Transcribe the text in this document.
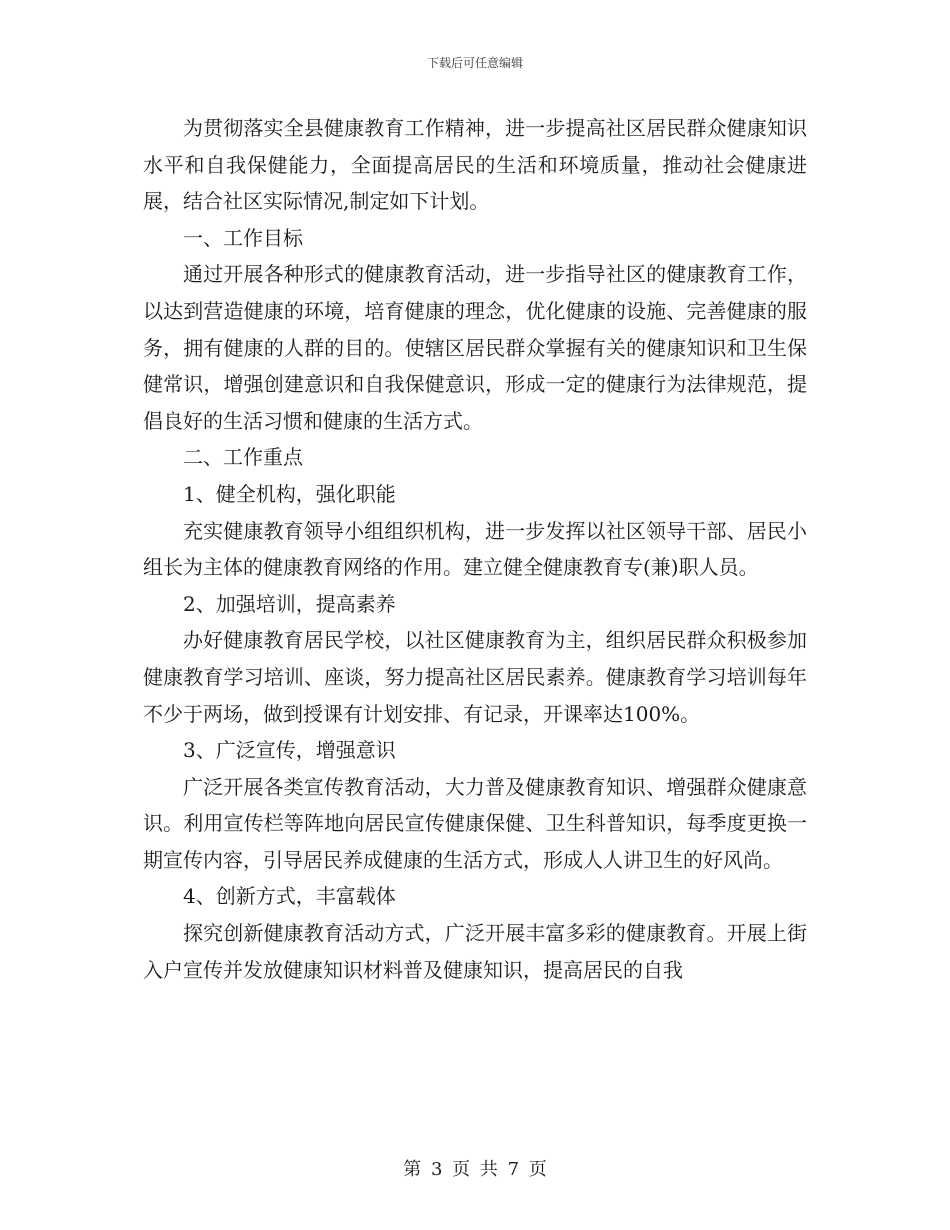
下载后可任意编辑

为贯彻落实全县健康教育工作精神，进一步提高社区居民群众健康知识水平和自我保健能力，全面提高居民的生活和环境质量，推动社会健康进展，结合社区实际情况,制定如下计划。

一、工作目标

通过开展各种形式的健康教育活动，进一步指导社区的健康教育工作，以达到营造健康的环境，培育健康的理念，优化健康的设施、完善健康的服务，拥有健康的人群的目的。使辖区居民群众掌握有关的健康知识和卫生保健常识，增强创建意识和自我保健意识，形成一定的健康行为法律规范，提倡良好的生活习惯和健康的生活方式。

二、工作重点

1、健全机构，强化职能

充实健康教育领导小组组织机构，进一步发挥以社区领导干部、居民小组长为主体的健康教育网络的作用。建立健全健康教育专(兼)职人员。

2、加强培训，提高素养

办好健康教育居民学校，以社区健康教育为主，组织居民群众积极参加健康教育学习培训、座谈，努力提高社区居民素养。健康教育学习培训每年不少于两场，做到授课有计划安排、有记录，开课率达100%。

3、广泛宣传，增强意识

广泛开展各类宣传教育活动，大力普及健康教育知识、增强群众健康意识。利用宣传栏等阵地向居民宣传健康保健、卫生科普知识，每季度更换一期宣传内容，引导居民养成健康的生活方式，形成人人讲卫生的好风尚。

4、创新方式，丰富载体

探究创新健康教育活动方式，广泛开展丰富多彩的健康教育。开展上街入户宣传并发放健康知识材料普及健康知识，提高居民的自我

第 3 页 共 7 页
